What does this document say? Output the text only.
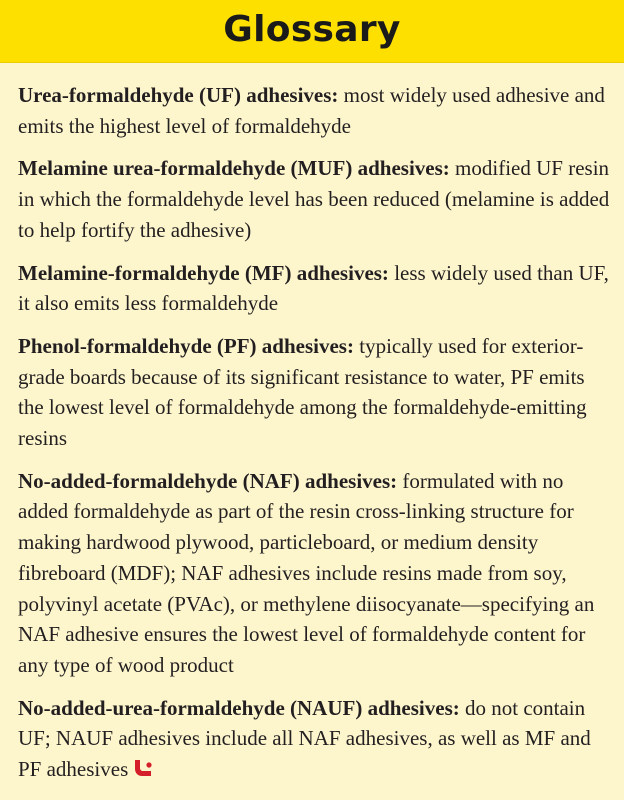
Glossary

Urea-formaldehyde (UF) adhesives: most widely used adhesive and emits the highest level of formaldehyde

Melamine urea-formaldehyde (MUF) adhesives: modified UF resin in which the formaldehyde level has been reduced (melamine is added to help fortify the adhesive)

Melamine-formaldehyde (MF) adhesives: less widely used than UF, it also emits less formaldehyde

Phenol-formaldehyde (PF) adhesives: typically used for exterior-grade boards because of its significant resistance to water, PF emits the lowest level of formaldehyde among the formaldehyde-emitting resins

No-added-formaldehyde (NAF) adhesives: formulated with no added formaldehyde as part of the resin cross-linking structure for making hardwood plywood, particleboard, or medium density fibreboard (MDF); NAF adhesives include resins made from soy, polyvinyl acetate (PVAc), or methylene diisocyanate—specifying an NAF adhesive ensures the lowest level of formaldehyde content for any type of wood product

No-added-urea-formaldehyde (NAUF) adhesives: do not contain UF; NAUF adhesives include all NAF adhesives, as well as MF and PF adhesives
